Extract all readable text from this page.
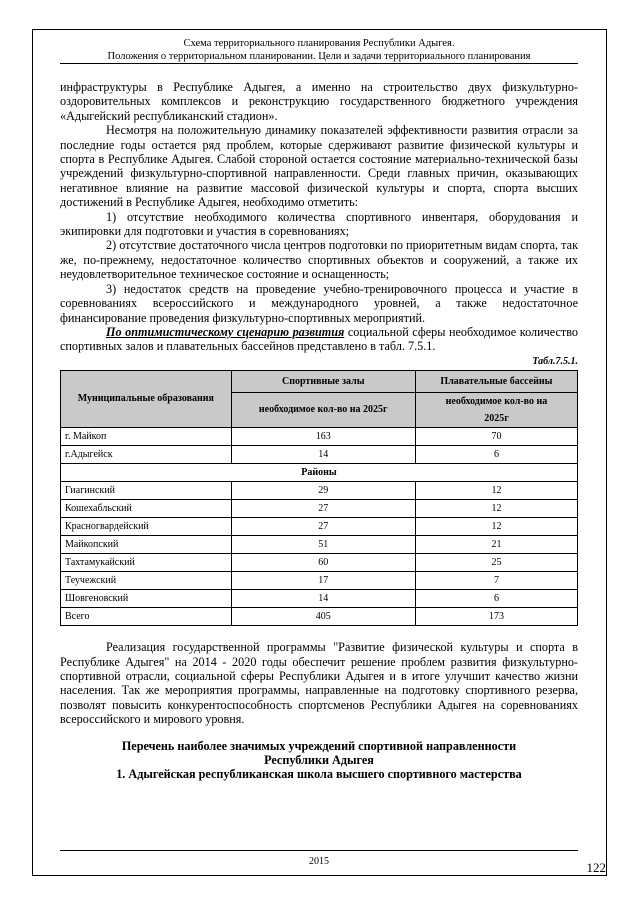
Схема территориального планирования Республики Адыгея.
Положения о территориальном планировании. Цели и задачи территориального планирования

инфраструктуры в Республике Адыгея, а именно на строительство двух физкультурно-оздоровительных комплексов и реконструкцию государственного бюджетного учреждения «Адыгейский республиканский стадион».

Несмотря на положительную динамику показателей эффективности развития отрасли за последние годы остается ряд проблем, которые сдерживают развитие физической культуры и спорта в Республике Адыгея. Слабой стороной остается состояние материально-технической базы учреждений физкультурно-спортивной направленности. Среди главных причин, оказывающих негативное влияние на развитие массовой физической культуры и спорта, спорта высших достижений в Республике Адыгея, необходимо отметить:

1) отсутствие необходимого количества спортивного инвентаря, оборудования и экипировки для подготовки и участия в соревнованиях;

2) отсутствие достаточного числа центров подготовки по приоритетным видам спорта, так же, по-прежнему, недостаточное количество спортивных объектов и сооружений, а также их неудовлетворительное техническое состояние и оснащенность;

3) недостаток средств на проведение учебно-тренировочного процесса и участие в соревнованиях всероссийского и международного уровней, а также недостаточное финансирование проведения физкультурно-спортивных мероприятий.

По оптимистическому сценарию развития социальной сферы необходимое количество спортивных залов и плавательных бассейнов представлено в табл. 7.5.1.

Табл.7.5.1.
Муниципальные образования	Спортивные залы	Плавательные бассейны
	необходимое кол-во на 2025г	необходимое кол-во на
2025г

г. Майкоп	163	70
г.Адыгейск	14	6
Районы		
Гиагинский	29	12
Кошехабльский	27	12
Красногвардейский	27	12
Майкопский	51	21
Тахтамукайский	60	25
Теучежский	17	7
Шовгеновский	14	6
Всего	405	173

Реализация государственной программы "Развитие физической культуры и спорта в Республике Адыгея" на 2014 - 2020 годы обеспечит решение проблем развития физкультурно-спортивной отрасли, социальной сферы Республики Адыгея и в итоге улучшит качество жизни населения. Так же мероприятия программы, направленные на подготовку спортивного резерва, позволят повысить конкурентоспособность спортсменов Республики Адыгея на соревнованиях всероссийского и мирового уровня.

Перечень наиболее значимых учреждений спортивной направленности
Республики Адыгея
1. Адыгейская республиканская школа высшего спортивного мастерства
2015	122
